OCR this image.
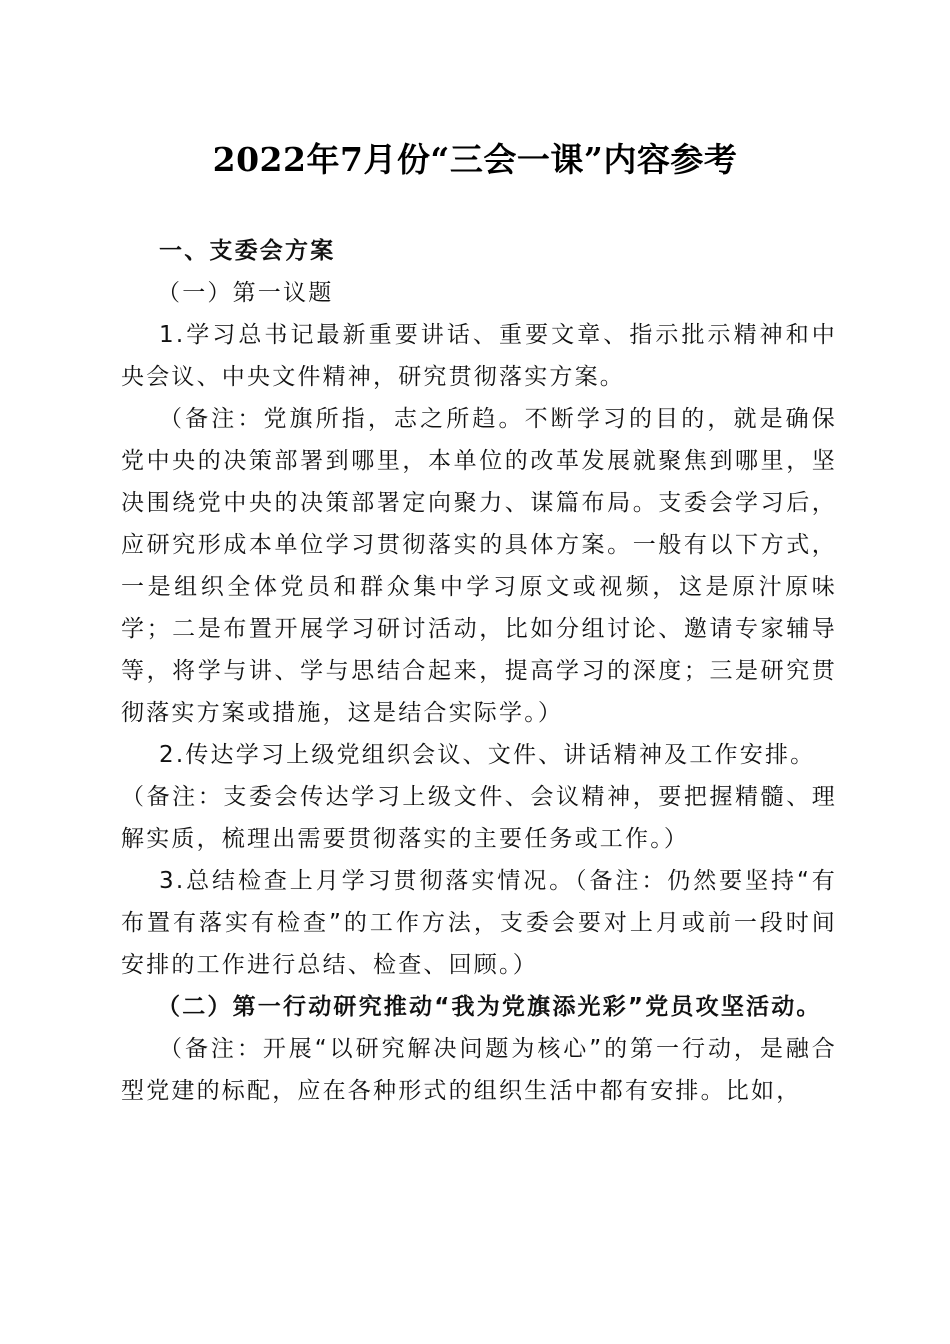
2022年7月份“三会一课”内容参考

一、支委会方案

（一）第一议题

1.学习总书记最新重要讲话、重要文章、指示批示精神和中央会议、中央文件精神，研究贯彻落实方案。

（备注：党旗所指，志之所趋。不断学习的目的，就是确保党中央的决策部署到哪里，本单位的改革发展就聚焦到哪里，坚决围绕党中央的决策部署定向聚力、谋篇布局。支委会学习后，应研究形成本单位学习贯彻落实的具体方案。一般有以下方式，一是组织全体党员和群众集中学习原文或视频，这是原汁原味学；二是布置开展学习研讨活动，比如分组讨论、邀请专家辅导等，将学与讲、学与思结合起来，提高学习的深度；三是研究贯彻落实方案或措施，这是结合实际学。）

2.传达学习上级党组织会议、文件、讲话精神及工作安排。

（备注：支委会传达学习上级文件、会议精神，要把握精髓、理解实质，梳理出需要贯彻落实的主要任务或工作。）

3.总结检查上月学习贯彻落实情况。（备注：仍然要坚持“有布置有落实有检查”的工作方法，支委会要对上月或前一段时间安排的工作进行总结、检查、回顾。）

（二）第一行动研究推动“我为党旗添光彩”党员攻坚活动。

（备注：开展“以研究解决问题为核心”的第一行动，是融合型党建的标配，应在各种形式的组织生活中都有安排。比如，
